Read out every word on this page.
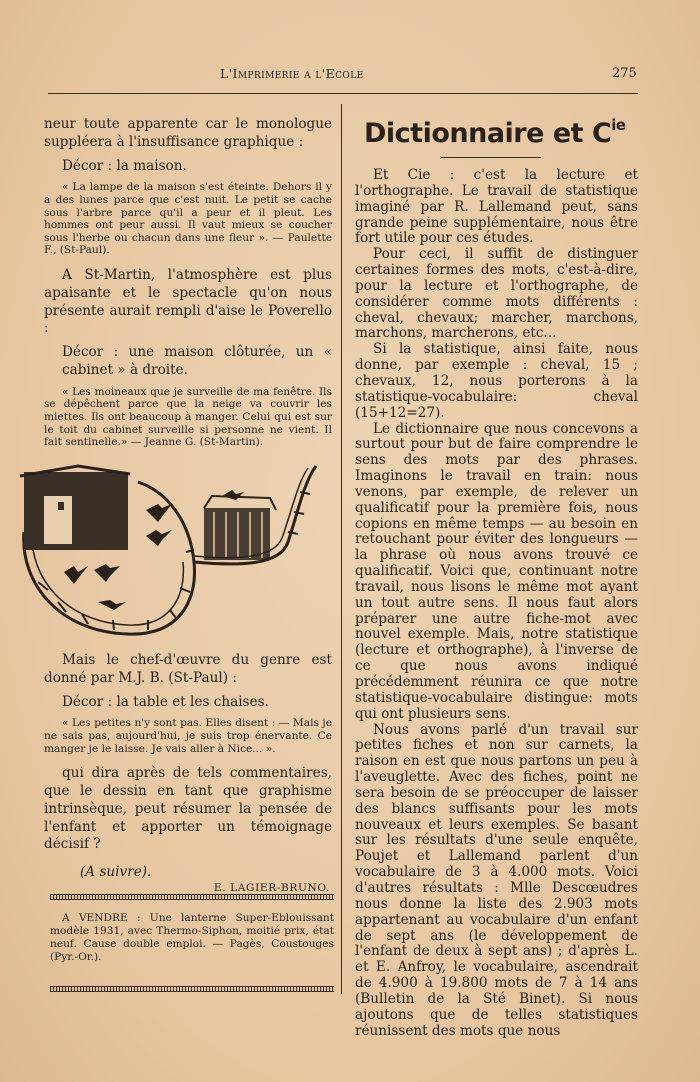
L'Imprimerie a l'Ecole	275

neur toute apparente car le monologue suppléera à l'insuffisance graphique :

Décor : la maison.

« La lampe de la maison s'est éteinte. Dehors il y a des lunes parce que c'est nuit. Le petit se cache sous l'arbre parce qu'il a peur et il pleut. Les hommes ont peur aussi. Il vaut mieux se coucher sous l'herbe ou chacun dans une fleur ». — Paulette F., (St-Paul).

A St-Martin, l'atmosphère est plus apaisante et le spectacle qu'on nous présente aurait rempli d'aise le Poverello :

Décor : une maison clôturée, un « cabinet » à droite.

« Les moineaux que je surveille de ma fenêtre. Ils se dépêchent parce que la neige va couvrir les miettes. Ils ont beaucoup à manger. Celui qui est sur le toit du cabinet surveille si personne ne vient. Il fait sentinelle.» — Jeanne G. (St-Martin).

Mais le chef-d'œuvre du genre est donné par M.J. B. (St-Paul) :

Décor : la table et les chaises.

« Les petites n'y sont pas. Elles disent : — Mais je ne sais pas, aujourd'hui, je suis trop énervante. Ce manger je le laisse. Je vais aller à Nice... ».

qui dira après de tels commentaires, que le dessin en tant que graphisme intrinsèque, peut résumer la pensée de l'enfant et apporter un témoignage décisif ?

(A suivre).

E. LAGIER-BRUNO.

A VENDRE : Une lanterne Super-Eblouissant modèle 1931, avec Thermo-Siphon, moitié prix, état neuf. Cause double emploi. — Pagès, Coustouges (Pyr.-Or.).

Dictionnaire et $C^{ie}$

Et Cie : c'est la lecture et l'orthographe. Le travail de statistique imaginé par R. Lallemand peut, sans grande peine supplémentaire, nous être fort utile pour ces études.

Pour ceci, il suffit de distinguer certaines formes des mots, c'est-à-dire, pour la lecture et l'orthographe, de considérer comme mots différents : cheval, chevaux; marcher, marchons, marchons, marcherons, etc...

Si la statistique, ainsi faite, nous donne, par exemple : cheval, 15 ; chevaux, 12, nous porterons à la statistique-vocabulaire: cheval (15+12=27).

Le dictionnaire que nous concevons a surtout pour but de faire comprendre le sens des mots par des phrases. Imaginons le travail en train: nous venons, par exemple, de relever un qualificatif pour la première fois, nous copions en même temps — au besoin en retouchant pour éviter des longueurs — la phrase où nous avons trouvé ce qualificatif. Voici que, continuant notre travail, nous lisons le même mot ayant un tout autre sens. Il nous faut alors préparer une autre fiche-mot avec nouvel exemple. Mais, notre statistique (lecture et orthographe), à l'inverse de ce que nous avons indiqué précédemment réunira ce que notre statistique-vocabulaire distingue: mots qui ont plusieurs sens.

Nous avons parlé d'un travail sur petites fiches et non sur carnets, la raison en est que nous partons un peu à l'aveuglette. Avec des fiches, point ne sera besoin de se préoccuper de laisser des blancs suffisants pour les mots nouveaux et leurs exemples. Se basant sur les résultats d'une seule enquête, Poujet et Lallemand parlent d'un vocabulaire de 3 à 4.000 mots. Voici d'autres résultats : Mlle Descœudres nous donne la liste des 2.903 mots appartenant au vocabulaire d'un enfant de sept ans (le développement de l'enfant de deux à sept ans) ; d'après L. et E. Anfroy, le vocabulaire, ascendrait de 4.900 à 19.800 mots de 7 à 14 ans (Bulletin de la Sté Binet). Si nous ajoutons que de telles statistiques réunissent des mots que nous
